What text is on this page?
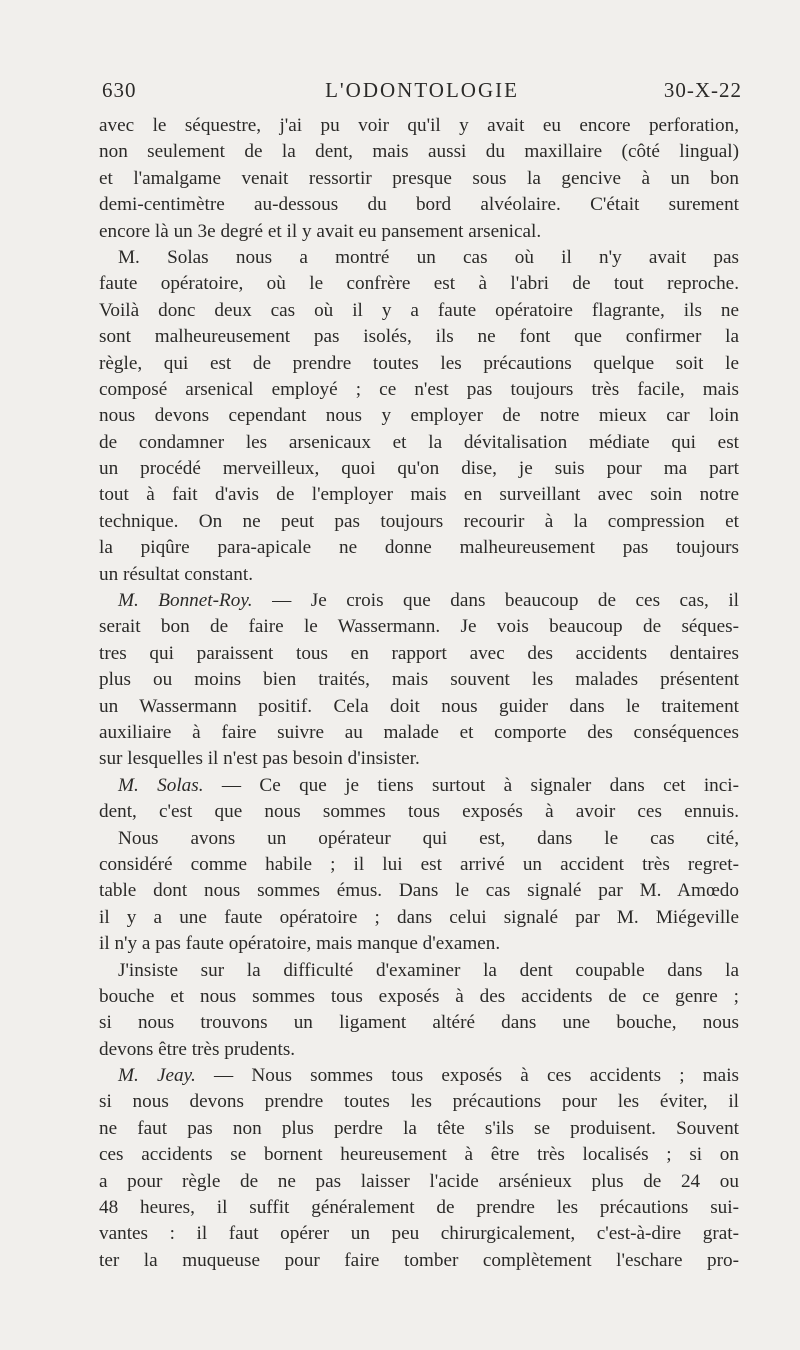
630	L'ODONTOLOGIE	30-X-22
avec le séquestre, j'ai pu voir qu'il y avait eu encore perforation,
non seulement de la dent, mais aussi du maxillaire (côté lingual)
et l'amalgame venait ressortir presque sous la gencive à un bon
demi-centimètre au-dessous du bord alvéolaire. C'était surement
encore là un 3e degré et il y avait eu pansement arsenical.
M. Solas nous a montré un cas où il n'y avait pas
faute opératoire, où le confrère est à l'abri de tout reproche.
Voilà donc deux cas où il y a faute opératoire flagrante, ils ne
sont malheureusement pas isolés, ils ne font que confirmer la
règle, qui est de prendre toutes les précautions quelque soit le
composé arsenical employé ; ce n'est pas toujours très facile, mais
nous devons cependant nous y employer de notre mieux car loin
de condamner les arsenicaux et la dévitalisation médiate qui est
un procédé merveilleux, quoi qu'on dise, je suis pour ma part
tout à fait d'avis de l'employer mais en surveillant avec soin notre
technique. On ne peut pas toujours recourir à la compression et
la piqûre para-apicale ne donne malheureusement pas toujours
un résultat constant.
M. Bonnet-Roy. — Je crois que dans beaucoup de ces cas, il
serait bon de faire le Wassermann. Je vois beaucoup de séques-
tres qui paraissent tous en rapport avec des accidents dentaires
plus ou moins bien traités, mais souvent les malades présentent
un Wassermann positif. Cela doit nous guider dans le traitement
auxiliaire à faire suivre au malade et comporte des conséquences
sur lesquelles il n'est pas besoin d'insister.
M. Solas. — Ce que je tiens surtout à signaler dans cet inci-
dent, c'est que nous sommes tous exposés à avoir ces ennuis.
Nous avons un opérateur qui est, dans le cas cité,
considéré comme habile ; il lui est arrivé un accident très regret-
table dont nous sommes émus. Dans le cas signalé par M. Amœdo
il y a une faute opératoire ; dans celui signalé par M. Miégeville
il n'y a pas faute opératoire, mais manque d'examen.
J'insiste sur la difficulté d'examiner la dent coupable dans la
bouche et nous sommes tous exposés à des accidents de ce genre ;
si nous trouvons un ligament altéré dans une bouche, nous
devons être très prudents.
M. Jeay. — Nous sommes tous exposés à ces accidents ; mais
si nous devons prendre toutes les précautions pour les éviter, il
ne faut pas non plus perdre la tête s'ils se produisent. Souvent
ces accidents se bornent heureusement à être très localisés ; si on
a pour règle de ne pas laisser l'acide arsénieux plus de 24 ou
48 heures, il suffit généralement de prendre les précautions sui-
vantes : il faut opérer un peu chirurgicalement, c'est-à-dire grat-
ter la muqueuse pour faire tomber complètement l'eschare pro-
